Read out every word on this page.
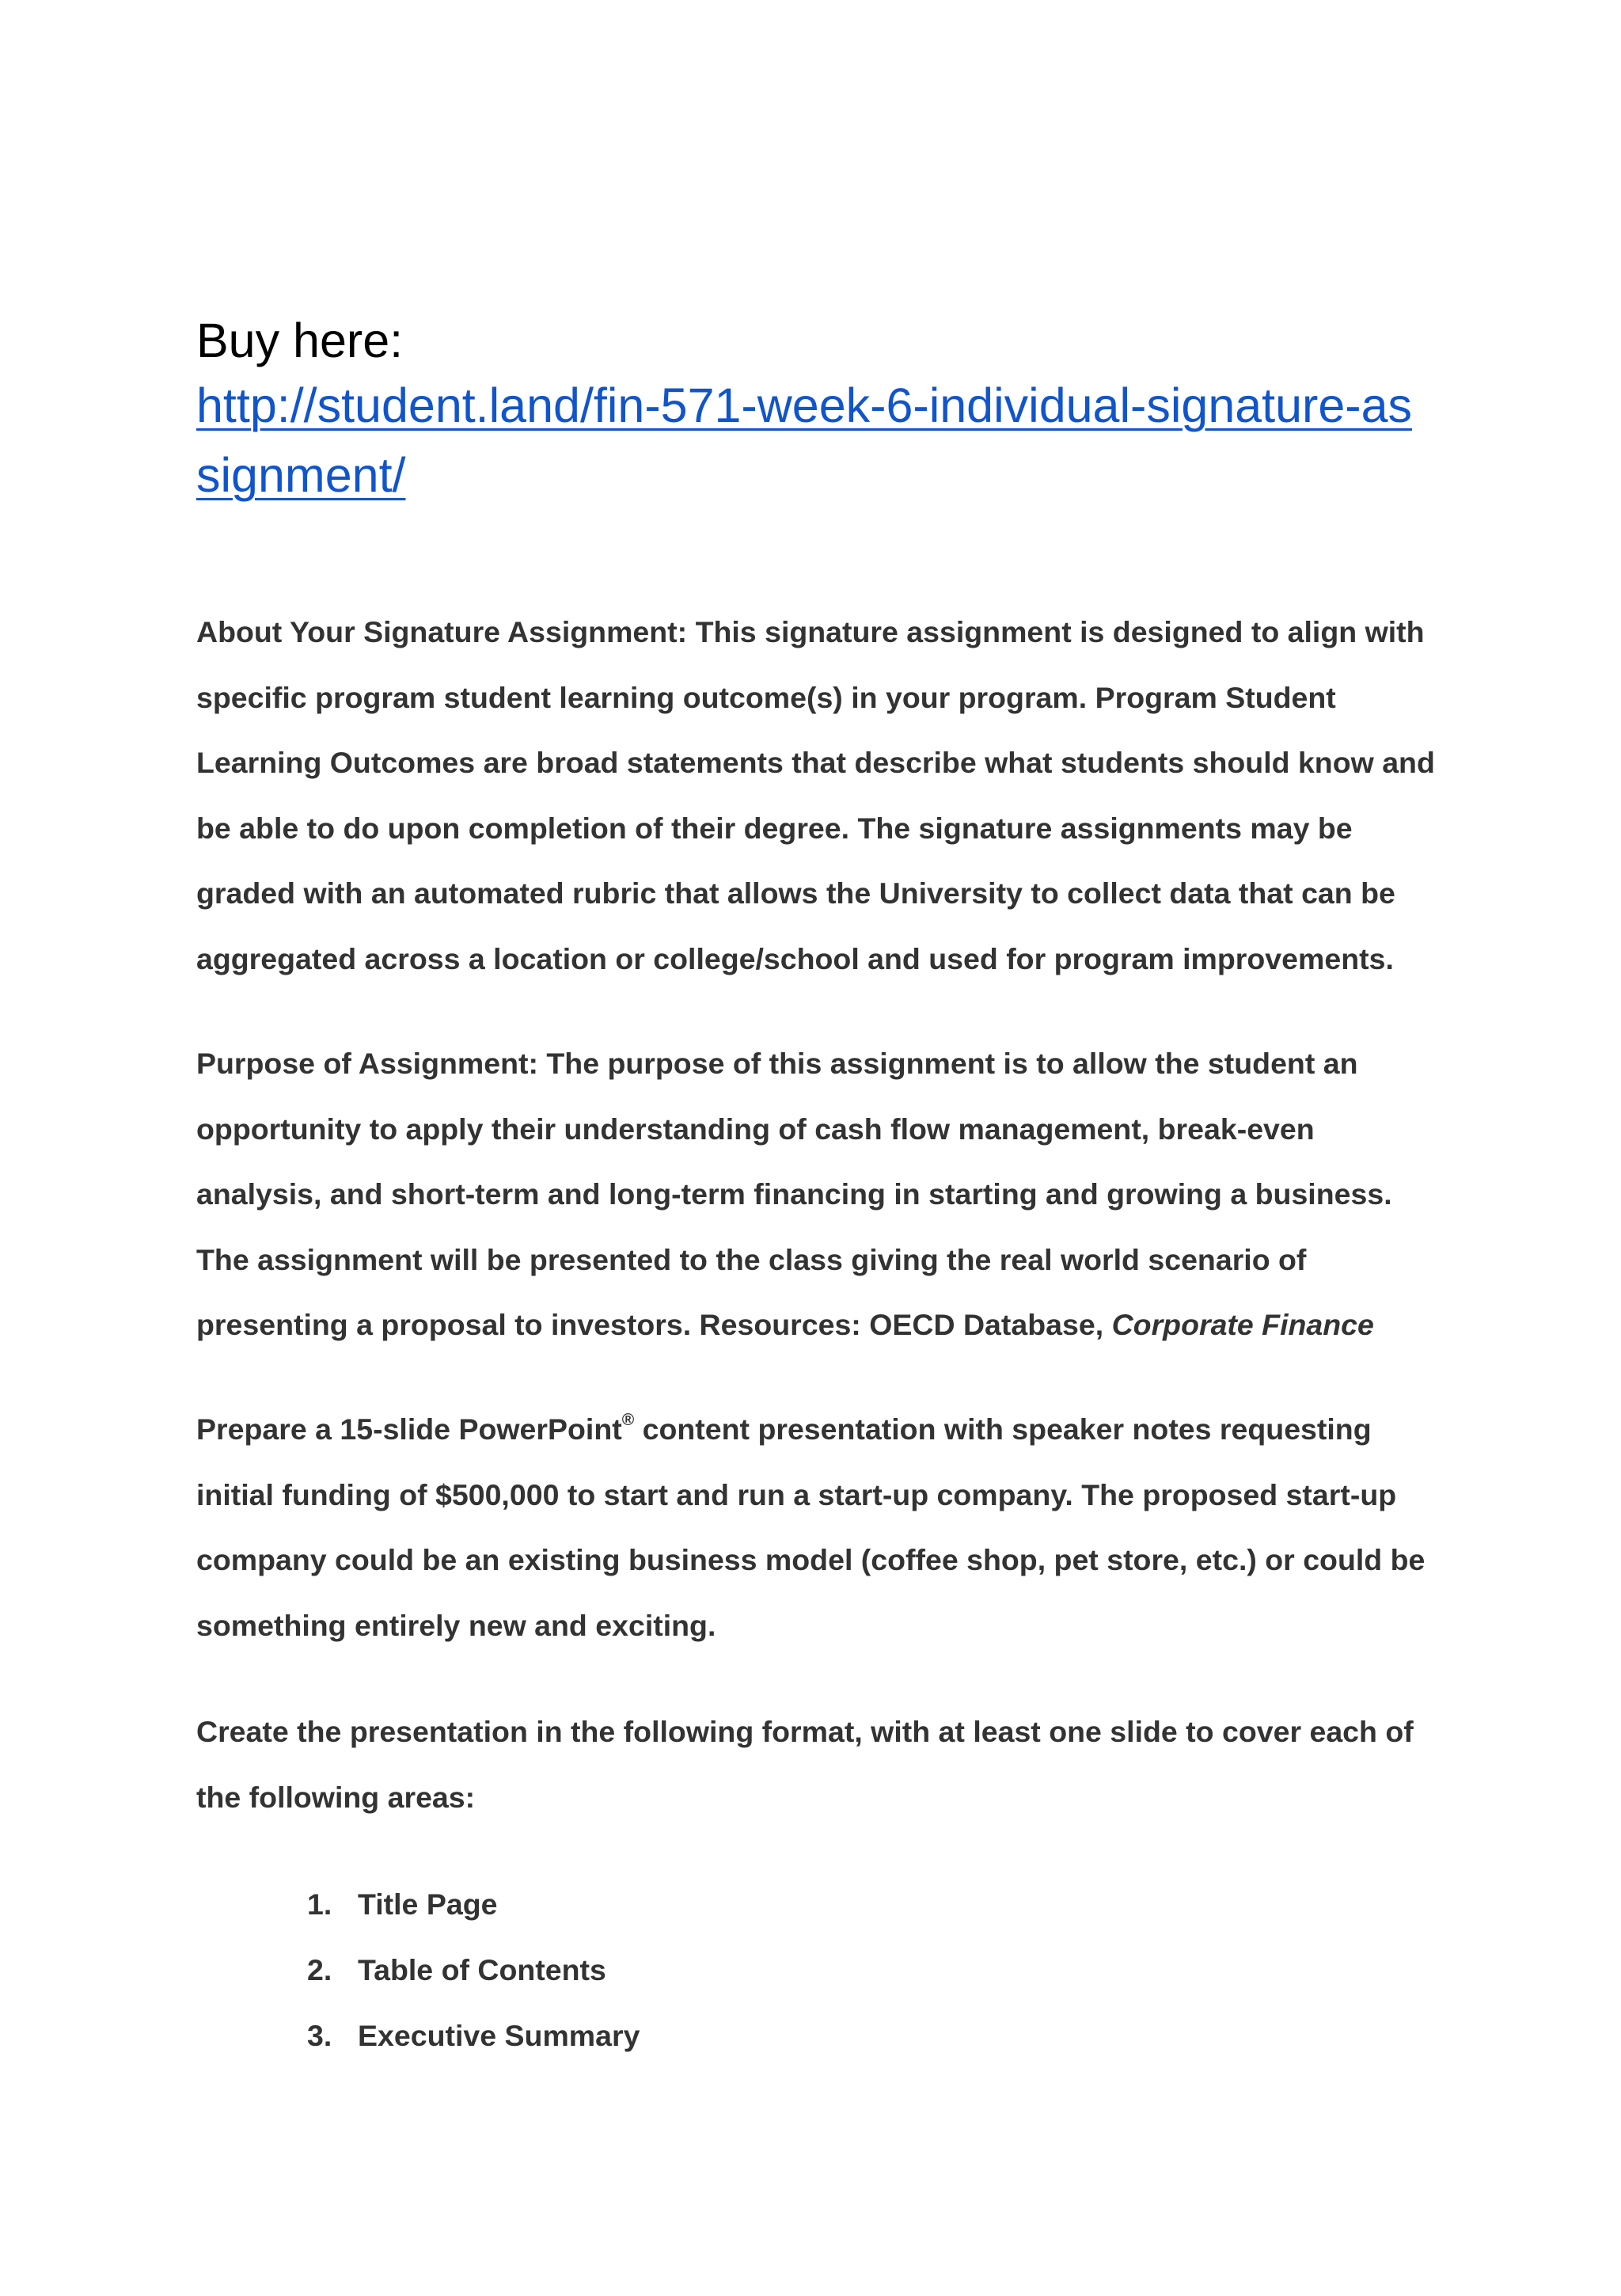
Buy here:
http://student.land/fin-571-week-6-individual-signature-assignment/

About Your Signature Assignment: This signature assignment is designed to align with specific program student learning outcome(s) in your program. Program Student Learning Outcomes are broad statements that describe what students should know and be able to do upon completion of their degree. The signature assignments may be graded with an automated rubric that allows the University to collect data that can be aggregated across a location or college/school and used for program improvements.

Purpose of Assignment: The purpose of this assignment is to allow the student an opportunity to apply their understanding of cash flow management, break-even analysis, and short-term and long-term financing in starting and growing a business. The assignment will be presented to the class giving the real world scenario of presenting a proposal to investors. Resources: OECD Database, Corporate Finance

Prepare a 15-slide PowerPoint® content presentation with speaker notes requesting initial funding of $500,000 to start and run a start-up company. The proposed start-up company could be an existing business model (coffee shop, pet store, etc.) or could be something entirely new and exciting.

Create the presentation in the following format, with at least one slide to cover each of the following areas:

1. Title Page
2. Table of Contents
3. Executive Summary
